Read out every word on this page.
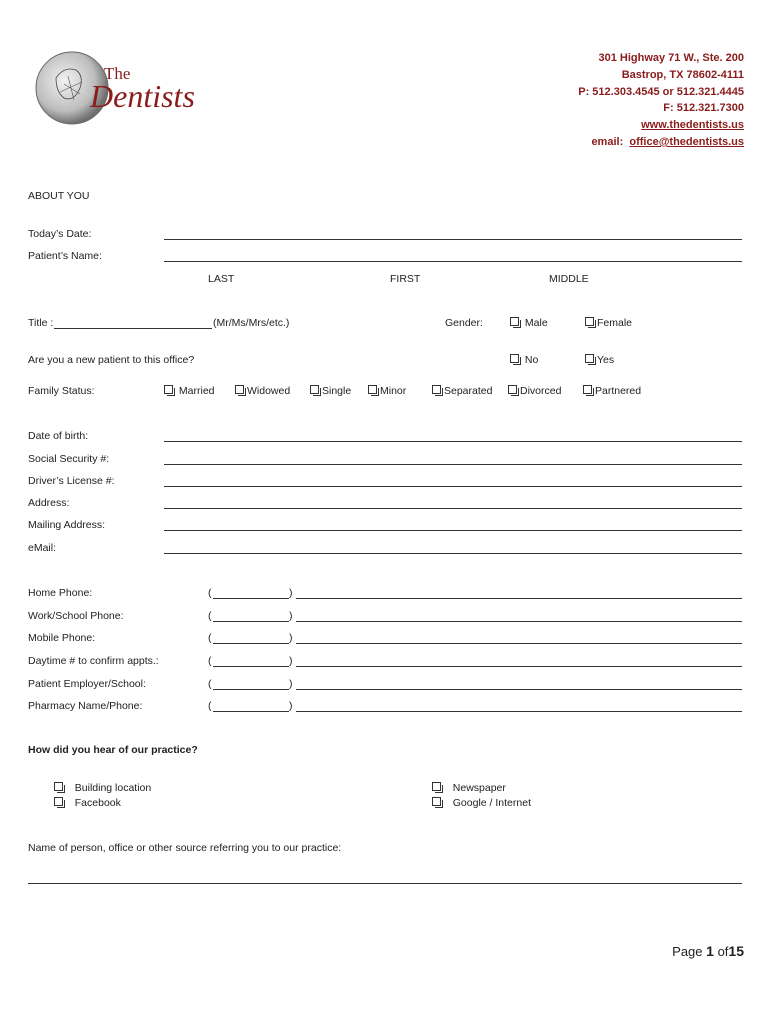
The
Dentists
301 Highway 71 W., Ste. 200
Bastrop, TX 78602-4111
P: 512.303.4545 or 512.321.4445
F: 512.321.7300
www.thedentists.us
email: office@thedentists.us
ABOUT YOU
Today’s Date:
Patient’s Name:
LAST	FIRST	MIDDLE
Title :	(Mr/Ms/Mrs/etc.)	Gender:	Male	Female
Are you a new patient to this office?	No	Yes
Family Status:	Married	Widowed	Single	Minor	Separated	Divorced	Partnered
Date of birth:
Social Security #:
Driver’s License #:
Address:
Mailing Address:
eMail:
Home Phone:	(	)
Work/School Phone:	(	)
Mobile Phone:	(	)
Daytime # to confirm appts.:	(	)
Patient Employer/School:	(	)
Pharmacy Name/Phone:	(	)
How did you hear of our practice?
Building location
Facebook
Newspaper
Google / Internet
Name of person, office or other source referring you to our practice:
Page 1 of15
